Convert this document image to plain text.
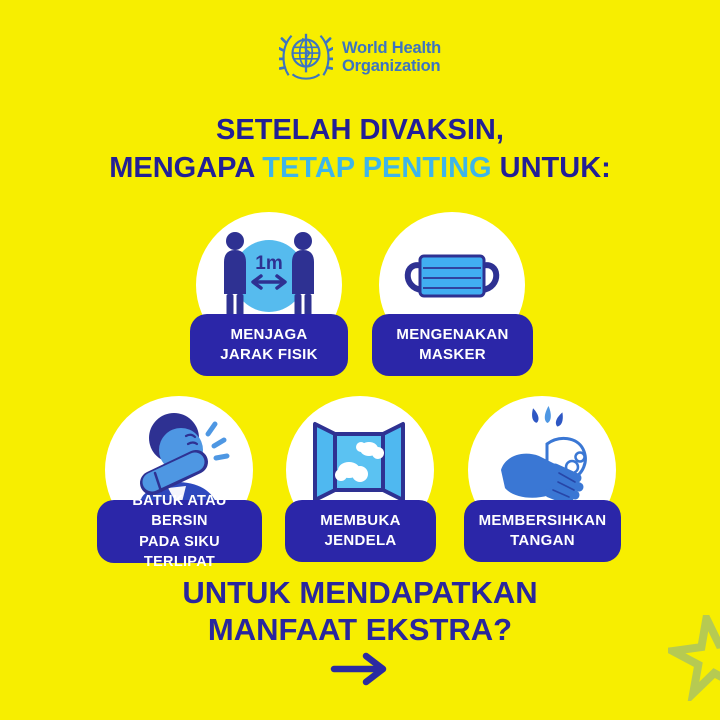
World Health
Organization
SETELAH DIVAKSIN,
MENGAPA TETAP PENTING UNTUK:
1m
MENJAGA
JARAK FISIK
MENGENAKAN
MASKER
BATUK ATAU BERSIN
PADA SIKU TERLIPAT
MEMBUKA
JENDELA
MEMBERSIHKAN
TANGAN
UNTUK MENDAPATKAN
MANFAAT EKSTRA?
